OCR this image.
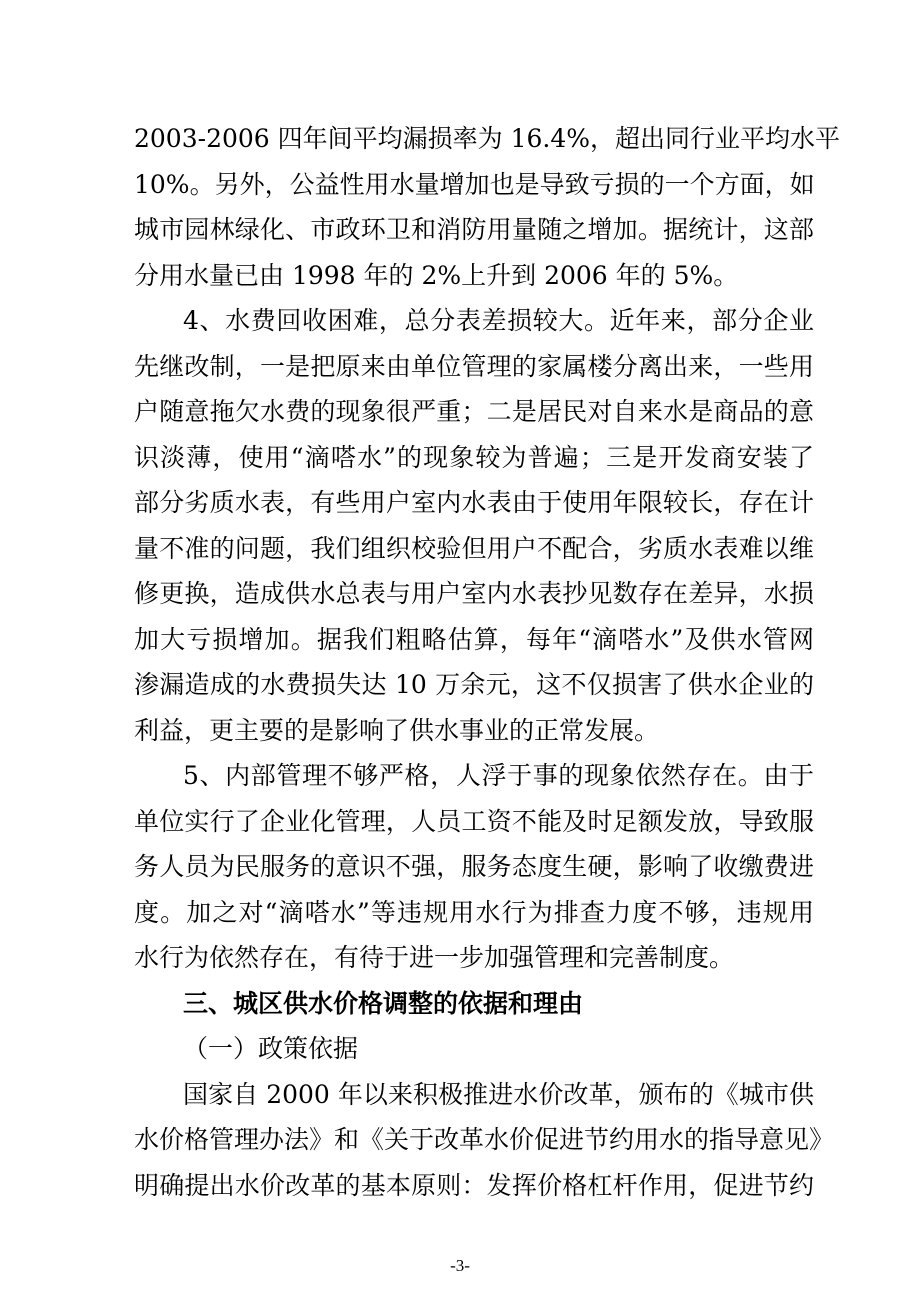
2003-2006 四年间平均漏损率为 16.4%，超出同行业平均水平
10%。另外，公益性用水量增加也是导致亏损的一个方面，如
城市园林绿化、市政环卫和消防用量随之增加。据统计，这部
分用水量已由 1998 年的 2%上升到 2006 年的 5%。
4、水费回收困难，总分表差损较大。近年来，部分企业
先继改制，一是把原来由单位管理的家属楼分离出来，一些用
户随意拖欠水费的现象很严重；二是居民对自来水是商品的意
识淡薄，使用“滴嗒水”的现象较为普遍；三是开发商安装了
部分劣质水表，有些用户室内水表由于使用年限较长，存在计
量不准的问题，我们组织校验但用户不配合，劣质水表难以维
修更换，造成供水总表与用户室内水表抄见数存在差异，水损
加大亏损增加。据我们粗略估算，每年“滴嗒水”及供水管网
渗漏造成的水费损失达 10 万余元，这不仅损害了供水企业的
利益，更主要的是影响了供水事业的正常发展。
5、内部管理不够严格，人浮于事的现象依然存在。由于
单位实行了企业化管理，人员工资不能及时足额发放，导致服
务人员为民服务的意识不强，服务态度生硬，影响了收缴费进
度。加之对“滴嗒水”等违规用水行为排查力度不够，违规用
水行为依然存在，有待于进一步加强管理和完善制度。
三、城区供水价格调整的依据和理由
（一）政策依据
国家自 2000 年以来积极推进水价改革，颁布的《城市供
水价格管理办法》和《关于改革水价促进节约用水的指导意见》
明确提出水价改革的基本原则：发挥价格杠杆作用，促进节约
-3-
